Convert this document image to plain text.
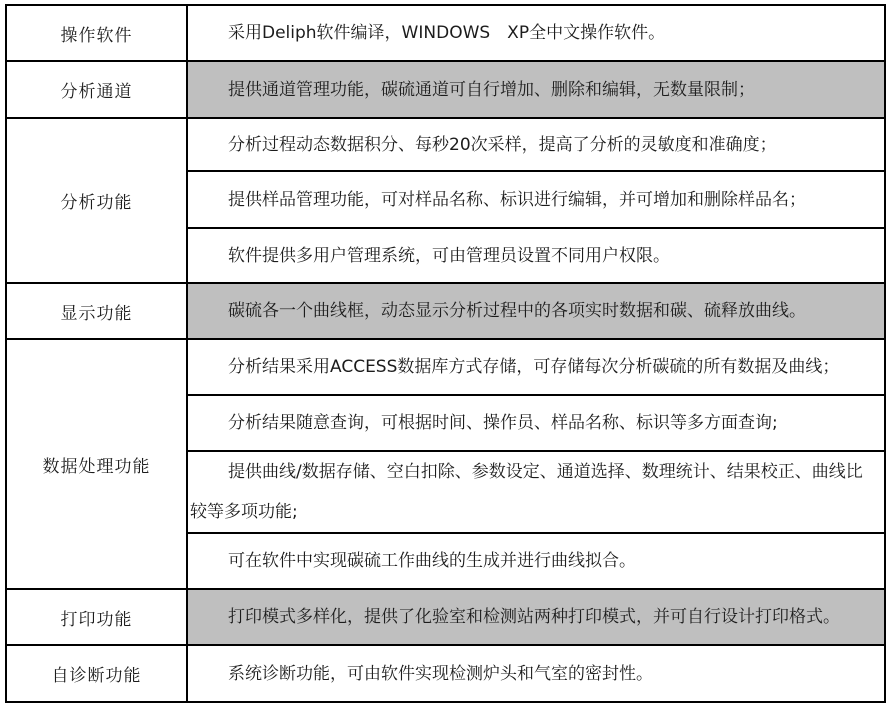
操作软件	采用Deliph软件编译，WINDOWS　XP全中文操作软件。
分析通道	提供通道管理功能，碳硫通道可自行增加、删除和编辑，无数量限制；
分析功能	分析过程动态数据积分、每秒20次采样，提高了分析的灵敏度和准确度；
	提供样品管理功能，可对样品名称、标识进行编辑，并可增加和删除样品名；
	软件提供多用户管理系统，可由管理员设置不同用户权限。
显示功能	碳硫各一个曲线框，动态显示分析过程中的各项实时数据和碳、硫释放曲线。
数据处理功能	分析结果采用ACCESS数据库方式存储，可存储每次分析碳硫的所有数据及曲线；
	分析结果随意查询，可根据时间、操作员、样品名称、标识等多方面查询;
	提供曲线/数据存储、空白扣除、参数设定、通道选择、数理统计、结果校正、曲线比较等多项功能;
	可在软件中实现碳硫工作曲线的生成并进行曲线拟合。
打印功能	打印模式多样化，提供了化验室和检测站两种打印模式，并可自行设计打印格式。
自诊断功能	系统诊断功能，可由软件实现检测炉头和气室的密封性。
